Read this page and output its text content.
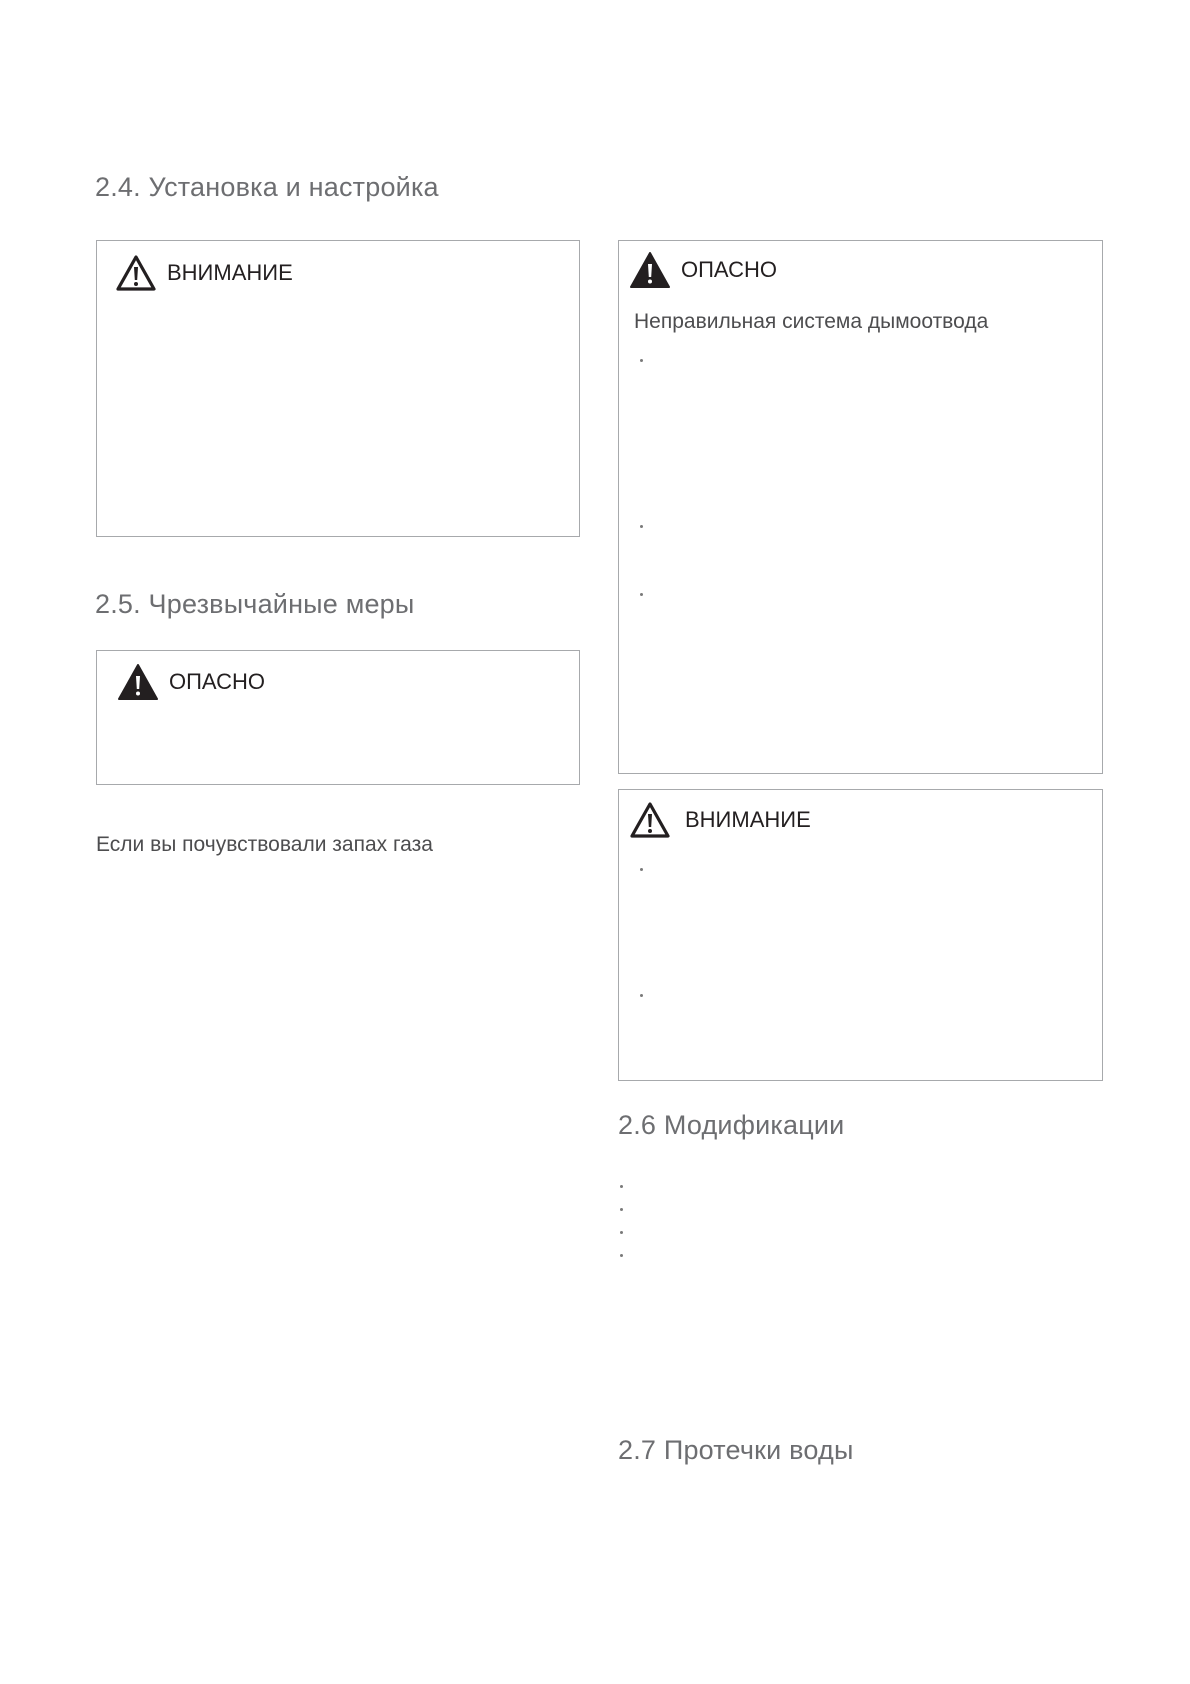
2.4. Установка и настройка
ВНИМАНИЕ
2.5. Чрезвычайные меры
ОПАСНО
Если вы почувствовали запах газа
ОПАСНО
Неправильная система дымоотвода
ВНИМАНИЕ
2.6 Модификации
2.7 Протечки воды
